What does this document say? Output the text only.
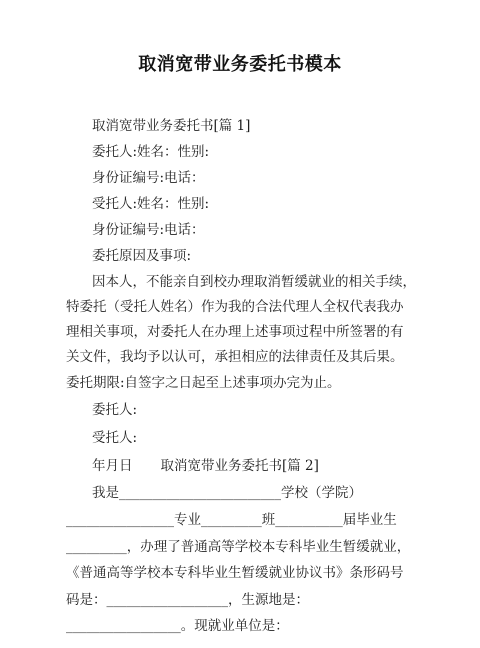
取消宽带业务委托书模本
取消宽带业务委托书[篇 1]
委托人:姓名：性别:
身份证编号:电话：
受托人:姓名：性别:
身份证编号:电话：
委托原因及事项:
因本人，不能亲自到校办理取消暂缓就业的相关手续，
特委托（受托人姓名）作为我的合法代理人全权代表我办
理相关事项，对委托人在办理上述事项过程中所签署的有
关文件，我均予以认可，承担相应的法律责任及其后果。
委托期限:自签字之日起至上述事项办完为止。
委托人:
受托人:
年月日 取消宽带业务委托书[篇 2]
我是________________________学校（学院）
________________专业_________班__________届毕业生
_________，办理了普通高等学校本专科毕业生暂缓就业，
《普通高等学校本专科毕业生暂缓就业协议书》条形码号
码是：__________________，生源地是：
_________________。现就业单位是：
